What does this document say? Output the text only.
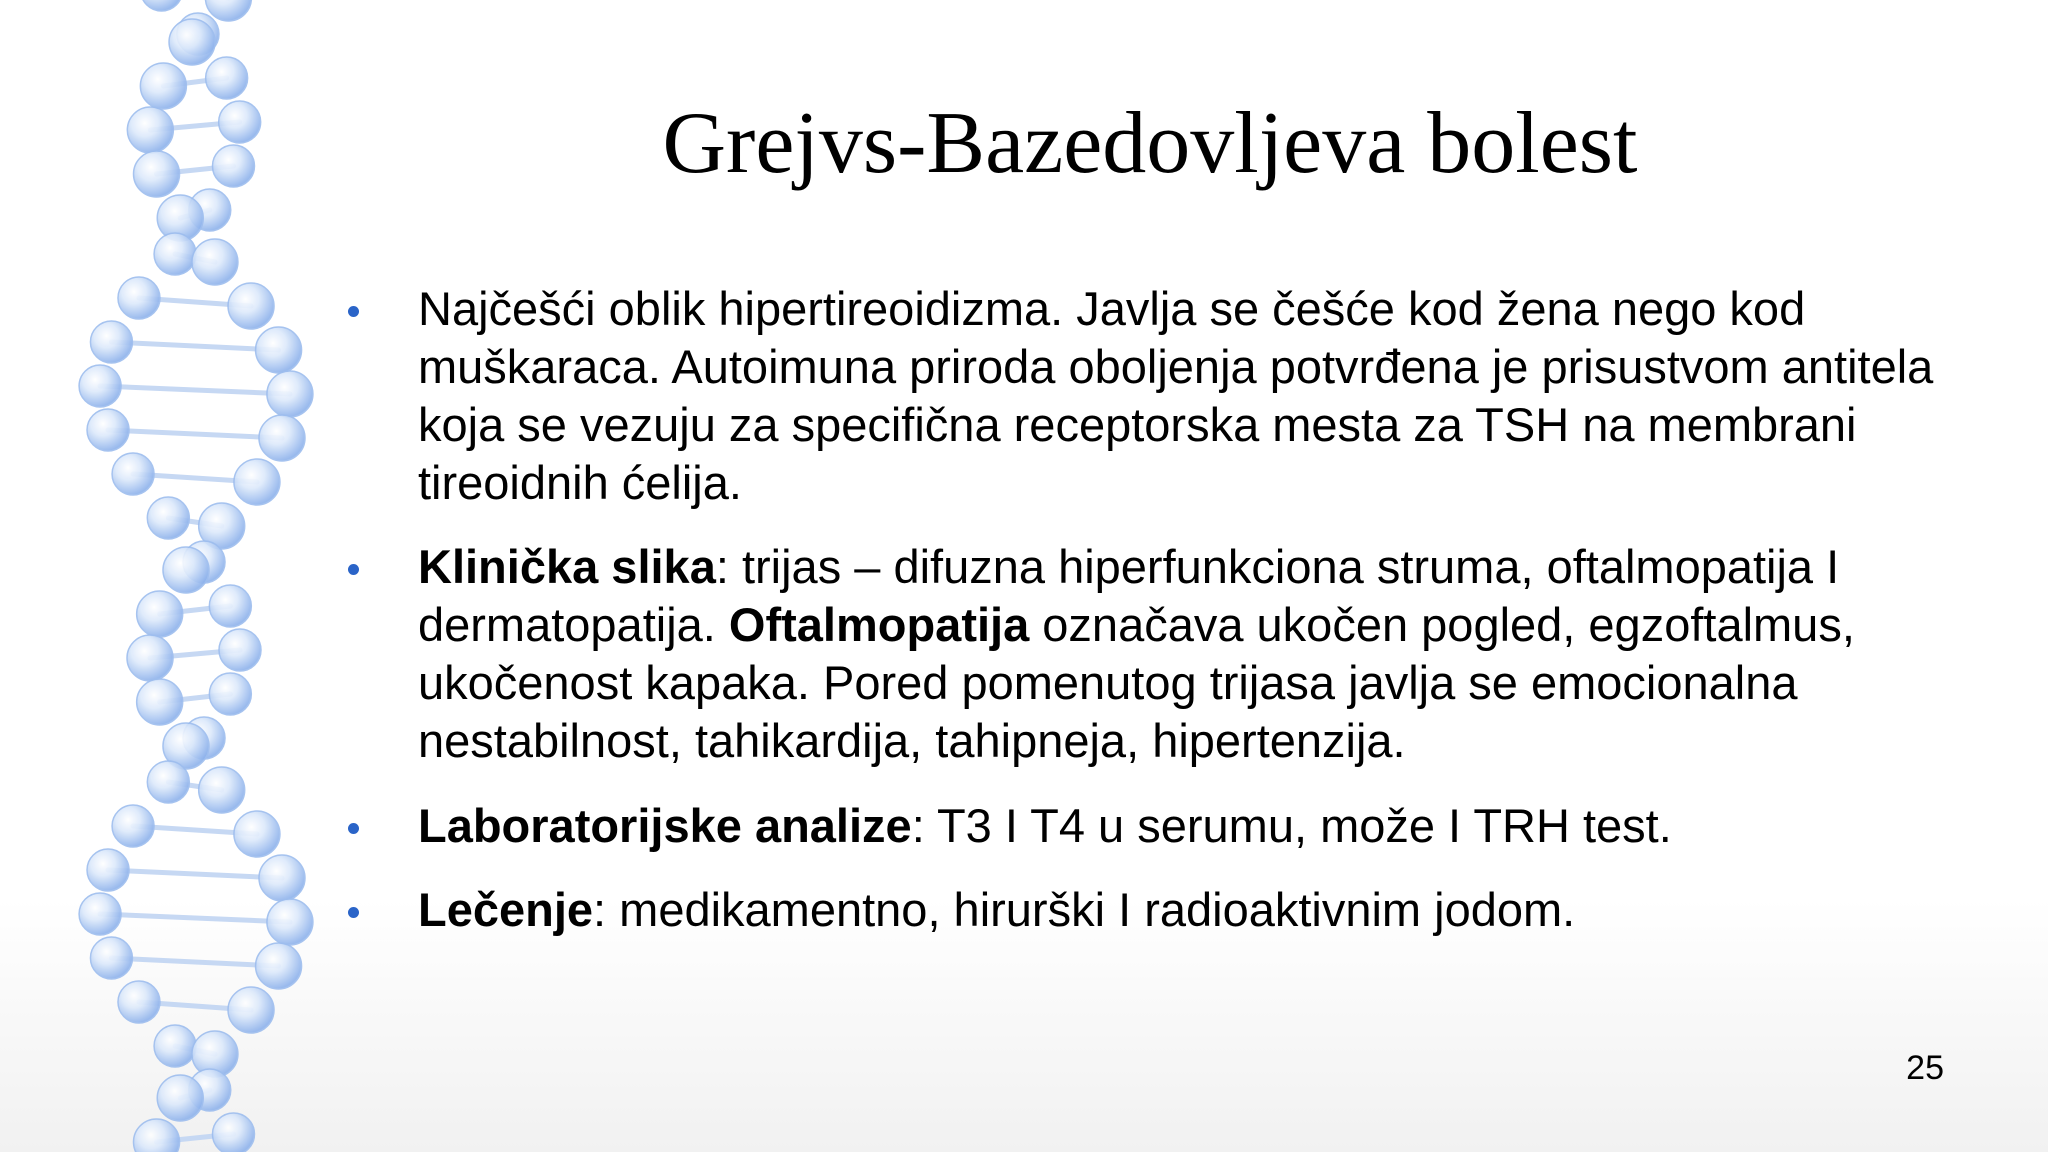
Grejvs-Bazedovljeva bolest
Najčešći oblik hipertireoidizma. Javlja se češće kod žena nego kod muškaraca. Autoimuna priroda oboljenja potvrđena je prisustvom antitela koja se vezuju za specifična receptorska mesta za TSH na membrani tireoidnih ćelija.
Klinička slika: trijas – difuzna hiperfunkciona struma, oftalmopatija I dermatopatija. Oftalmopatija označava ukočen pogled, egzoftalmus, ukočenost kapaka. Pored pomenutog trijasa javlja se emocionalna nestabilnost, tahikardija, tahipneja, hipertenzija.
Laboratorijske analize: T3 I T4 u serumu, može I TRH test.
Lečenje: medikamentno, hirurški I radioaktivnim jodom.
25
